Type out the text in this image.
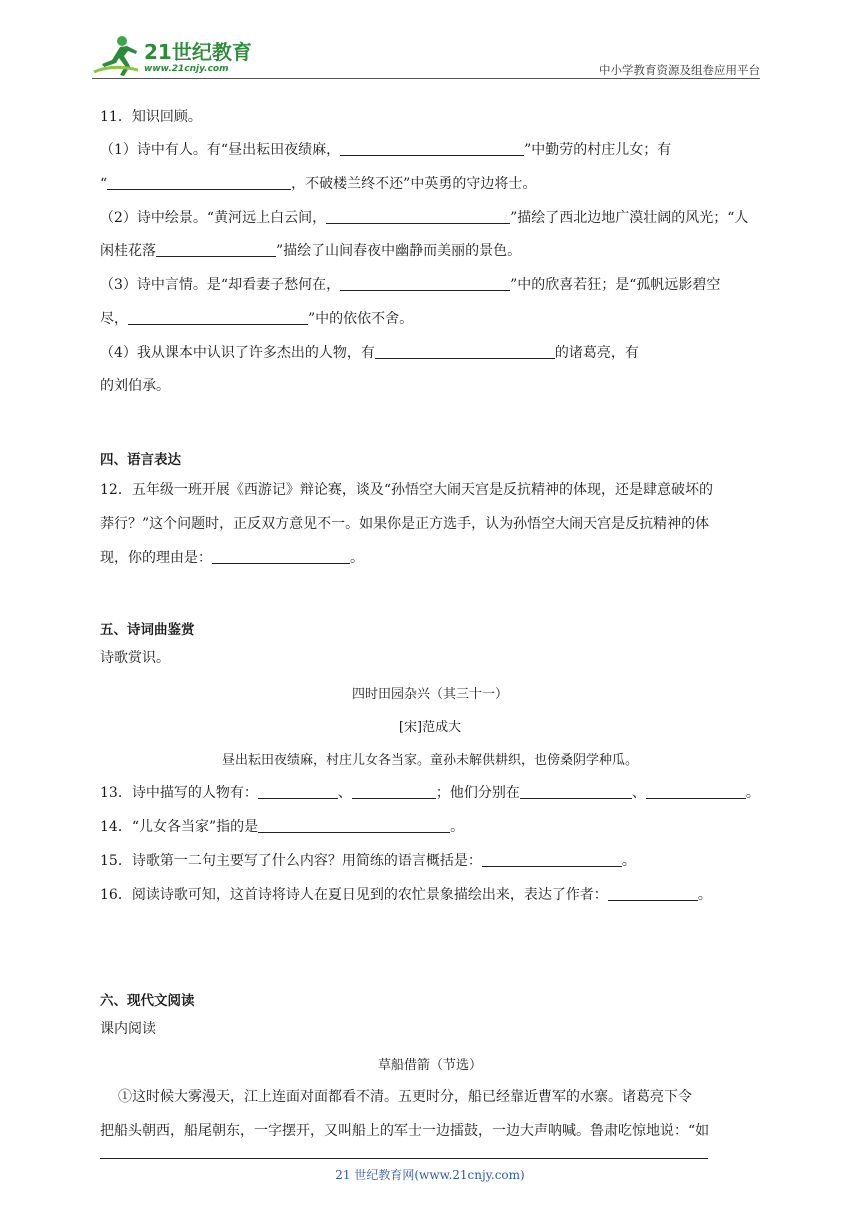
21世纪教育
www.21cnjy.com	中小学教育资源及组卷应用平台
11．知识回顾。
（1）诗中有人。有“昼出耘田夜绩麻，	”中勤劳的村庄儿女；有
“	，不破楼兰终不还”中英勇的守边将士。
（2）诗中绘景。“黄河远上白云间，	”描绘了西北边地广漠壮阔的风光；“人
闲桂花落	”描绘了山间春夜中幽静而美丽的景色。
（3）诗中言情。是“却看妻子愁何在，	”中的欣喜若狂；是“孤帆远影碧空
尽，	”中的依依不舍。
（4）我从课本中认识了许多杰出的人物，有	的诸葛亮，有
的刘伯承。
四、语言表达
12．五年级一班开展《西游记》辩论赛，谈及“孙悟空大闹天宫是反抗精神的体现，还是肆意破坏的
莽行？”这个问题时，正反双方意见不一。如果你是正方选手，认为孙悟空大闹天宫是反抗精神的体
现，你的理由是：	。
五、诗词曲鉴赏
诗歌赏识。
四时田园杂兴（其三十一）
[宋]范成大
昼出耘田夜绩麻，村庄儿女各当家。童孙未解供耕织，也傍桑阴学种瓜。
13．诗中描写的人物有：	、	；他们分别在	、	。
14．“儿女各当家”指的是	。
15．诗歌第一二句主要写了什么内容？用简练的语言概括是：	。
16．阅读诗歌可知，这首诗将诗人在夏日见到的农忙景象描绘出来，表达了作者：	。
六、现代文阅读
课内阅读
草船借箭（节选）
①这时候大雾漫天，江上连面对面都看不清。五更时分，船已经靠近曹军的水寨。诸葛亮下令
把船头朝西，船尾朝东，一字摆开，又叫船上的军士一边擂鼓，一边大声呐喊。鲁肃吃惊地说：“如
21 世纪教育网(www.21cnjy.com)
